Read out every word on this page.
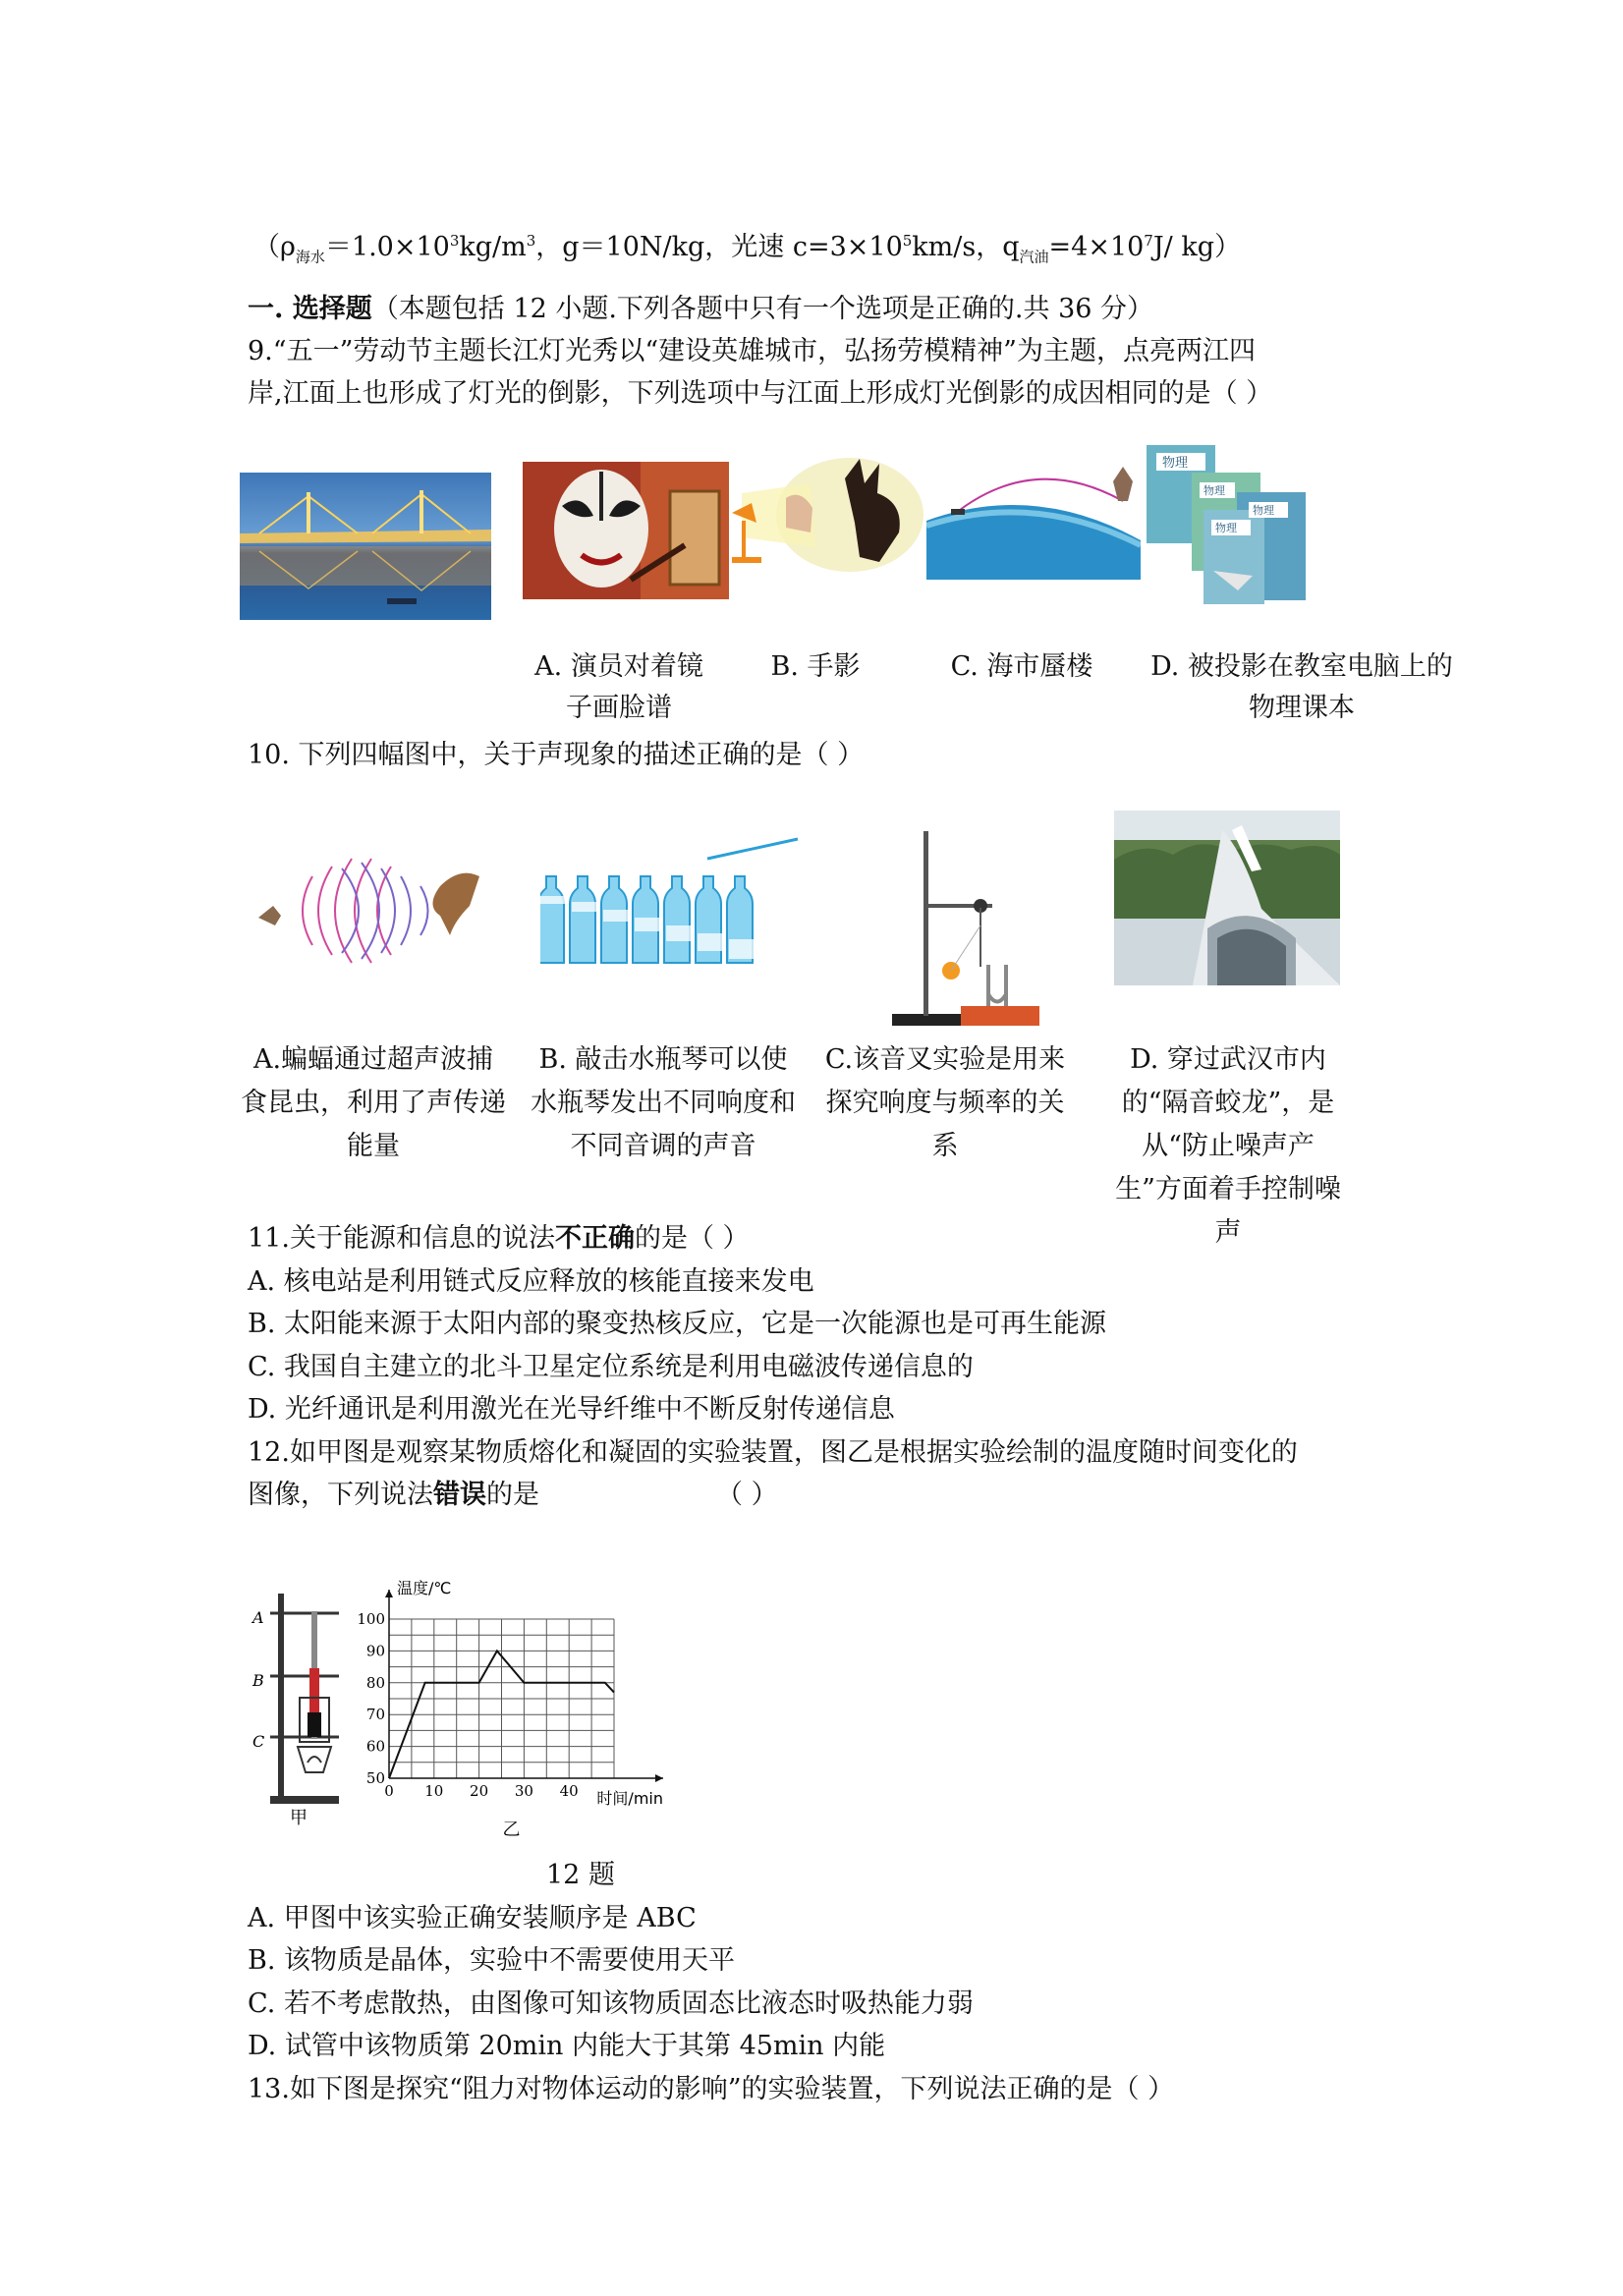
（$\rho_{海水}=1.0\times 10^3kg/m^3$，g＝10N/kg，光速 $c=3\times 10^5km/s$，$q_{汽油}=4\times 10^7J/$ kg）
一. 选择题（本题包括 12 小题.下列各题中只有一个选项是正确的.共 36 分）
9.“五一”劳动节主题长江灯光秀以“建设英雄城市，弘扬劳模精神”为主题，点亮两江四
岸,江面上也形成了灯光的倒影，下列选项中与江面上形成灯光倒影的成因相同的是（ ）
物理
物理
物理
物理
A. 演员对着镜子画脸谱
B. 手影	C. 海市蜃楼	D. 被投影在教室电脑上的物理课本
10. 下列四幅图中，关于声现象的描述正确的是（ ）
A.蝙蝠通过超声波捕食昆虫，利用了声传递能量
B. 敲击水瓶琴可以使水瓶琴发出不同响度和不同音调的声音
C.该音叉实验是用来探究响度与频率的关系
D. 穿过武汉市内的“隔音蛟龙”，是从“防止噪声产生”方面着手控制噪声
11.关于能源和信息的说法不正确的是（ ）
A. 核电站是利用链式反应释放的核能直接来发电
B. 太阳能来源于太阳内部的聚变热核反应，它是一次能源也是可再生能源
C. 我国自主建立的北斗卫星定位系统是利用电磁波传递信息的
D. 光纤通讯是利用激光在光导纤维中不断反射传递信息
12.如甲图是观察某物质熔化和凝固的实验装置，图乙是根据实验绘制的温度随时间变化的
图像，下列说法错误的是	（ ）
A
B
C
甲
50
60
70
80
90
100
0 10 20 30 40
温度/℃
时间/min
乙
12 题
A. 甲图中该实验正确安装顺序是 ABC
B. 该物质是晶体，实验中不需要使用天平
C. 若不考虑散热，由图像可知该物质固态比液态时吸热能力弱
D. 试管中该物质第 20min 内能大于其第 45min 内能
13.如下图是探究“阻力对物体运动的影响”的实验装置，下列说法正确的是（ ）
